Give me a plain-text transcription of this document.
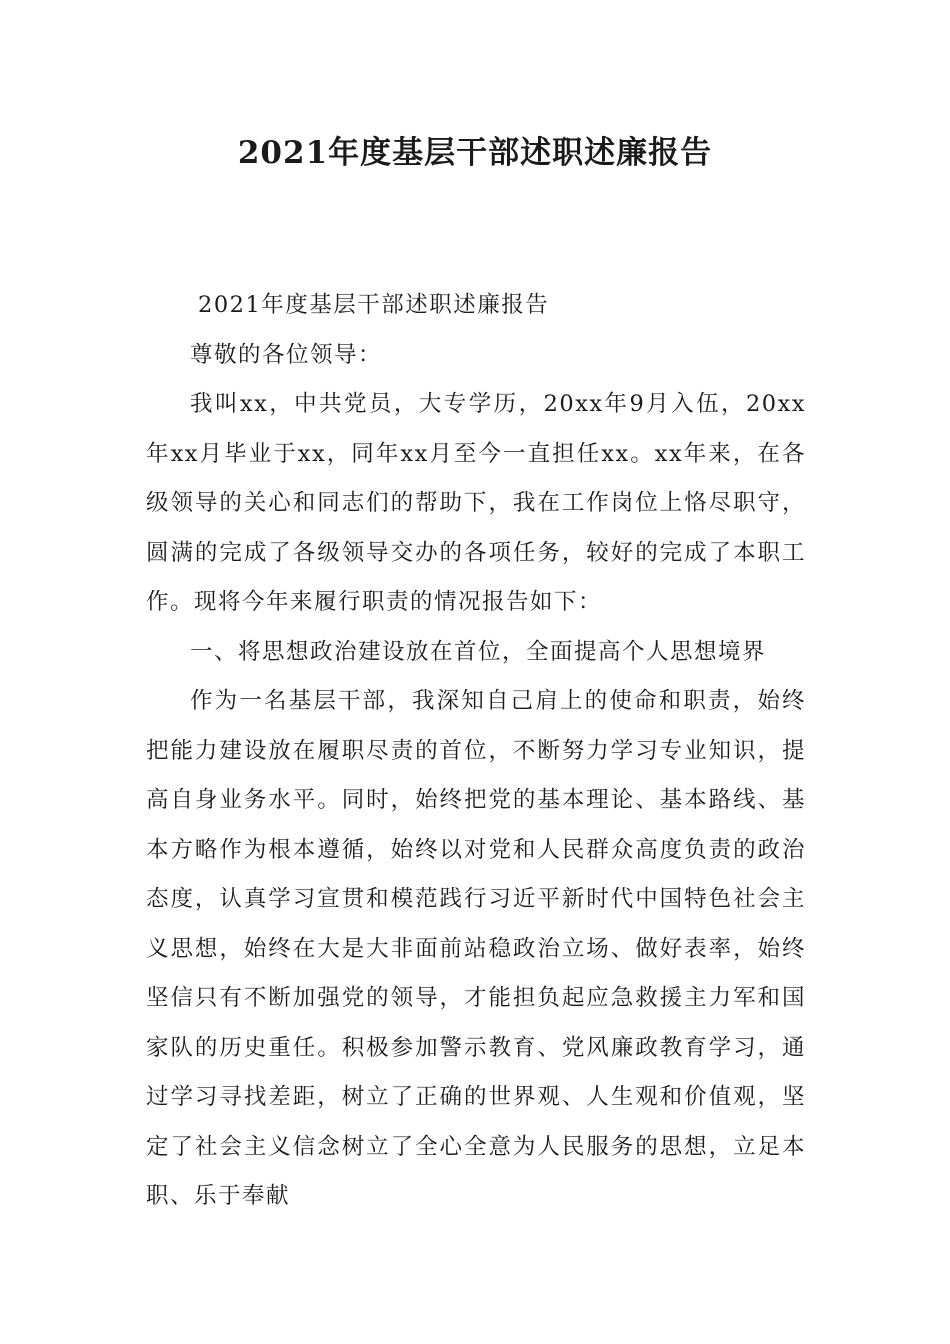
2021年度基层干部述职述廉报告

2021年度基层干部述职述廉报告

尊敬的各位领导：

我叫xx，中共党员，大专学历，20xx年9月入伍，20xx年xx月毕业于xx，同年xx月至今一直担任xx。xx年来，在各级领导的关心和同志们的帮助下，我在工作岗位上恪尽职守，圆满的完成了各级领导交办的各项任务，较好的完成了本职工作。现将今年来履行职责的情况报告如下：

一、将思想政治建设放在首位，全面提高个人思想境界

作为一名基层干部，我深知自己肩上的使命和职责，始终把能力建设放在履职尽责的首位，不断努力学习专业知识，提高自身业务水平。同时，始终把党的基本理论、基本路线、基本方略作为根本遵循，始终以对党和人民群众高度负责的政治态度，认真学习宣贯和模范践行习近平新时代中国特色社会主义思想，始终在大是大非面前站稳政治立场、做好表率，始终坚信只有不断加强党的领导，才能担负起应急救援主力军和国家队的历史重任。积极参加警示教育、党风廉政教育学习，通过学习寻找差距，树立了正确的世界观、人生观和价值观，坚定了社会主义信念树立了全心全意为人民服务的思想，立足本职、乐于奉献
